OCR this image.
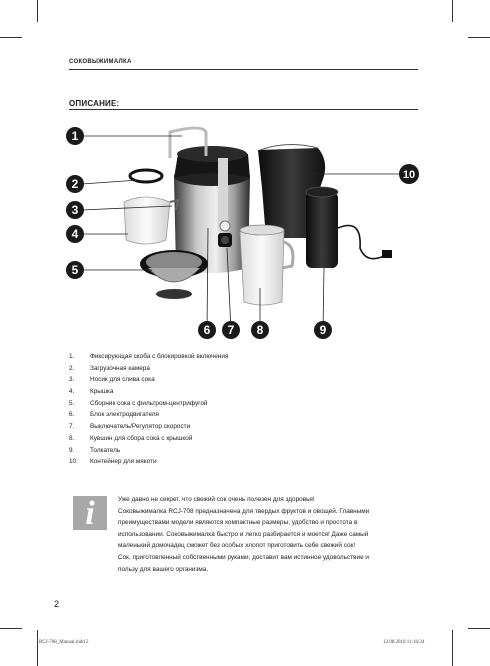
СОКОВЫЖИМАЛКА
ОПИСАНИЕ:
1
2
3
4
5
6 7 8	9
10
1. Фиксирующая скоба с блокировкой включения
2. Загрузочная камера
3. Носик для слива сока
4. Крышка
5. Сборник сока с фильтром-центрифугой
6. Блок электродвигателя
7. Выключатель/Регулятор скорости
8. Кувшин для сбора сока с крышкой
9. Толкатель
10. Контейнер для мякоти
i	Уже давно не секрет, что свежий сок очень полезен для здоровья!
Соковыжималка RCJ-708 предназначена для твердых фруктов и овощей. Главными
преимуществами модели являются компактные размеры, удобство и простота в
использовании. Соковыжималка быстро и легко разбирается и моется! Даже самый
маленький домочадец сможет без особых хлопот приготовить себе свежий сок!
Сок, приготовленный собственными руками, доставит вам истинное удовольствие и
пользу для вашего организма.

2
RCJ-708_Manual.indd 2	12.08.2010 11:16:34
